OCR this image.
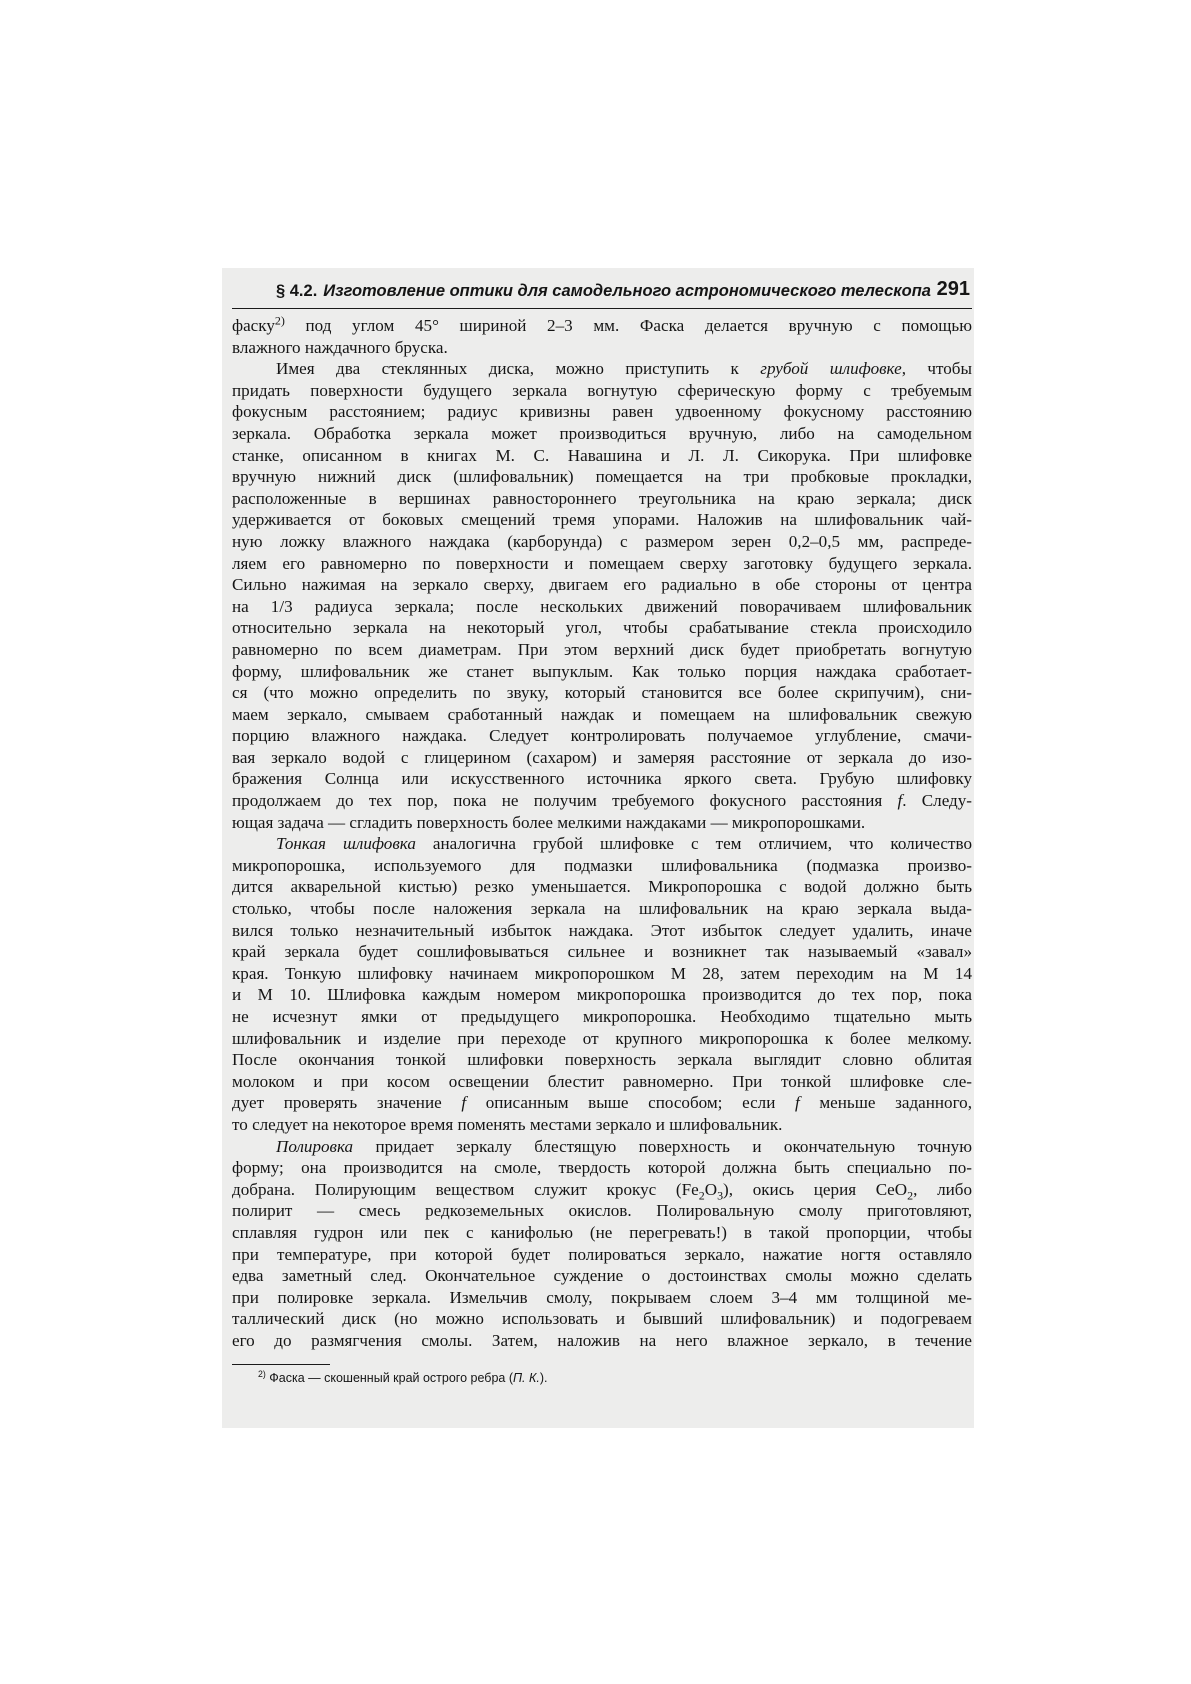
§ 4.2. Изготовление оптики для самодельного астрономического телескопа 291
фаску$^{2)}$ под углом 45° шириной 2–3 мм. Фаска делается вручную с помощью
влажного наждачного бруска.
Имея два стеклянных диска, можно приступить к грубой шлифовке, чтобы
придать поверхности будущего зеркала вогнутую сферическую форму с требуемым
фокусным расстоянием; радиус кривизны равен удвоенному фокусному расстоянию
зеркала. Обработка зеркала может производиться вручную, либо на самодельном
станке, описанном в книгах М. С. Навашина и Л. Л. Сикорука. При шлифовке
вручную нижний диск (шлифовальник) помещается на три пробковые прокладки,
расположенные в вершинах равностороннего треугольника на краю зеркала; диск
удерживается от боковых смещений тремя упорами. Наложив на шлифовальник чай-
ную ложку влажного наждака (карборунда) с размером зерен 0,2–0,5 мм, распреде-
ляем его равномерно по поверхности и помещаем сверху заготовку будущего зеркала.
Сильно нажимая на зеркало сверху, двигаем его радиально в обе стороны от центра
на 1/3 радиуса зеркала; после нескольких движений поворачиваем шлифовальник
относительно зеркала на некоторый угол, чтобы срабатывание стекла происходило
равномерно по всем диаметрам. При этом верхний диск будет приобретать вогнутую
форму, шлифовальник же станет выпуклым. Как только порция наждака сработает-
ся (что можно определить по звуку, который становится все более скрипучим), сни-
маем зеркало, смываем сработанный наждак и помещаем на шлифовальник свежую
порцию влажного наждака. Следует контролировать получаемое углубление, смачи-
вая зеркало водой с глицерином (сахаром) и замеряя расстояние от зеркала до изо-
бражения Солнца или искусственного источника яркого света. Грубую шлифовку
продолжаем до тех пор, пока не получим требуемого фокусного расстояния f. Следу-
ющая задача — сгладить поверхность более мелкими наждаками — микропорошками.
Тонкая шлифовка аналогична грубой шлифовке с тем отличием, что количество
микропорошка, используемого для подмазки шлифовальника (подмазка произво-
дится акварельной кистью) резко уменьшается. Микропорошка с водой должно быть
столько, чтобы после наложения зеркала на шлифовальник на краю зеркала выда-
вился только незначительный избыток наждака. Этот избыток следует удалить, иначе
край зеркала будет сошлифовываться сильнее и возникнет так называемый «завал»
края. Тонкую шлифовку начинаем микропорошком М 28, затем переходим на М 14
и М 10. Шлифовка каждым номером микропорошка производится до тех пор, пока
не исчезнут ямки от предыдущего микропорошка. Необходимо тщательно мыть
шлифовальник и изделие при переходе от крупного микропорошка к более мелкому.
После окончания тонкой шлифовки поверхность зеркала выглядит словно облитая
молоком и при косом освещении блестит равномерно. При тонкой шлифовке сле-
дует проверять значение f описанным выше способом; если f меньше заданного,
то следует на некоторое время поменять местами зеркало и шлифовальник.
Полировка придает зеркалу блестящую поверхность и окончательную точную
форму; она производится на смоле, твердость которой должна быть специально по-
добрана. Полирующим веществом служит крокус $(Fe_2O_3)$, окись церия CeO$_2$, либо
полирит — смесь редкоземельных окислов. Полировальную смолу приготовляют,
сплавляя гудрон или пек с канифолью (не перегревать!) в такой пропорции, чтобы
при температуре, при которой будет полироваться зеркало, нажатие ногтя оставляло
едва заметный след. Окончательное суждение о достоинствах смолы можно сделать
при полировке зеркала. Измельчив смолу, покрываем слоем 3–4 мм толщиной ме-
таллический диск (но можно использовать и бывший шлифовальник) и подогреваем
его до размягчения смолы. Затем, наложив на него влажное зеркало, в течение
$^{2)}$ Фаска — скошенный край острого ребра (П. К.).
